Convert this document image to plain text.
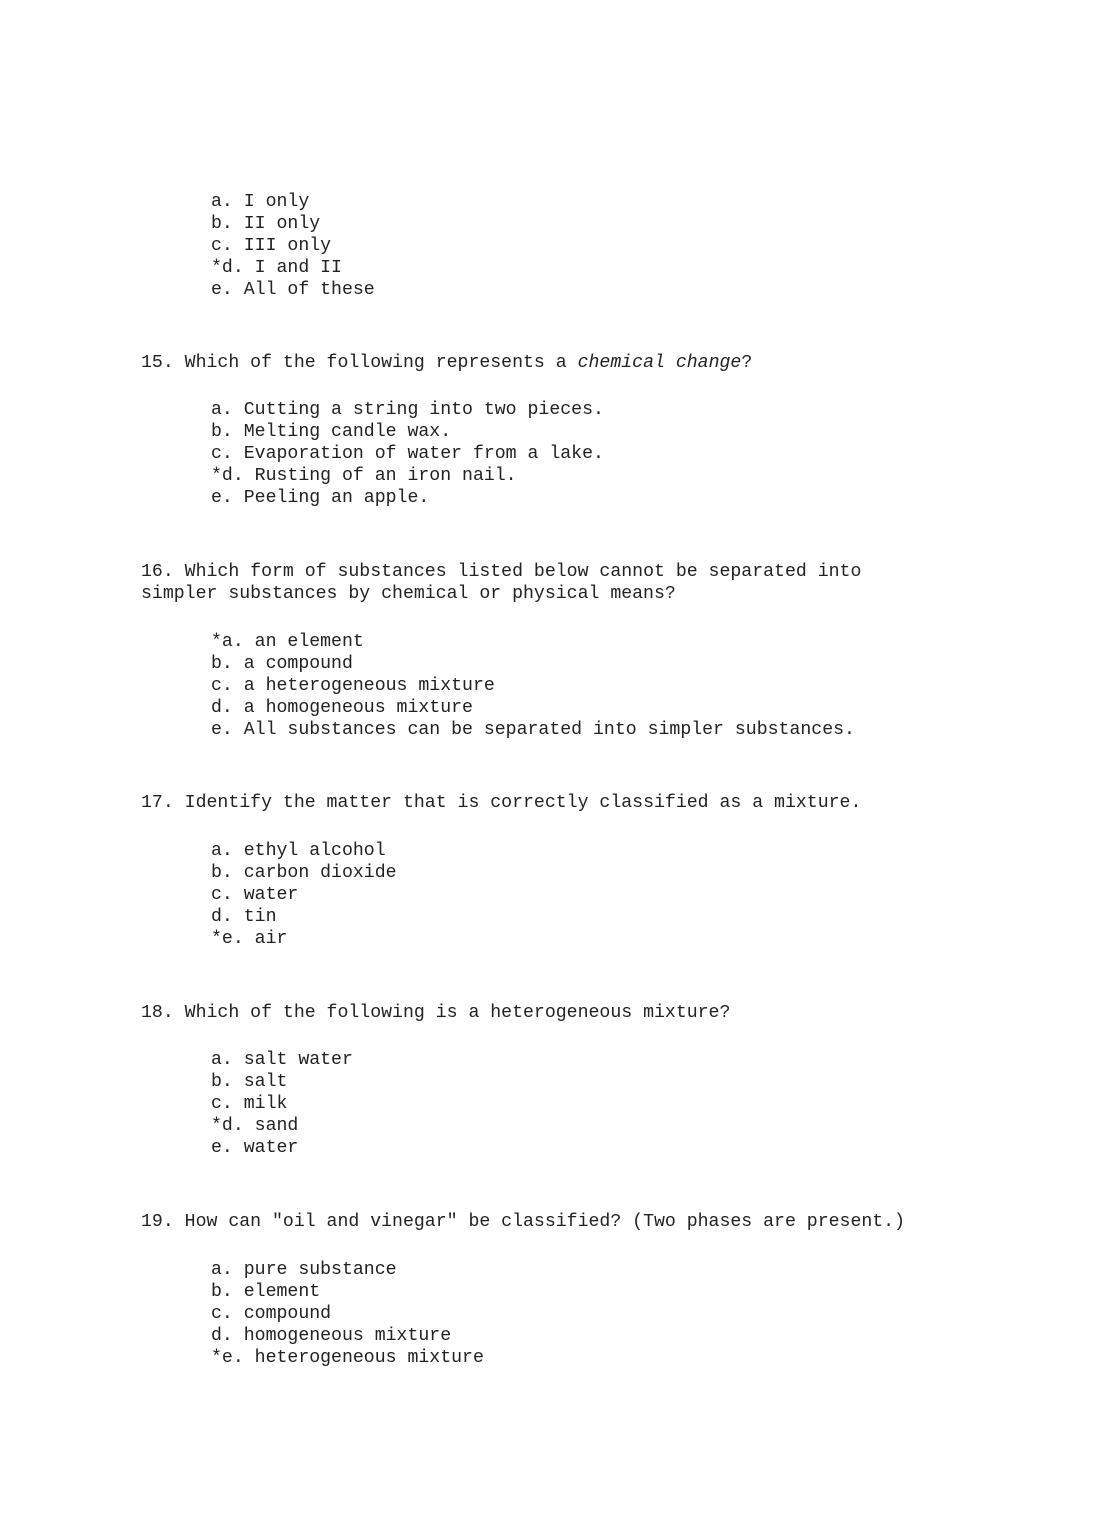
a. I only
b. II only
c. III only
*d. I and II
e. All of these

15. Which of the following represents a chemical change?

a. Cutting a string into two pieces.
b. Melting candle wax.
c. Evaporation of water from a lake.
*d. Rusting of an iron nail.
e. Peeling an apple.

16. Which form of substances listed below cannot be separated into simpler substances by chemical or physical means?

*a. an element
b. a compound
c. a heterogeneous mixture
d. a homogeneous mixture
e. All substances can be separated into simpler substances.

17. Identify the matter that is correctly classified as a mixture.

a. ethyl alcohol
b. carbon dioxide
c. water
d. tin
*e. air

18. Which of the following is a heterogeneous mixture?

a. salt water
b. salt
c. milk
*d. sand
e. water

19. How can "oil and vinegar" be classified? (Two phases are present.)

a. pure substance
b. element
c. compound
d. homogeneous mixture
*e. heterogeneous mixture
